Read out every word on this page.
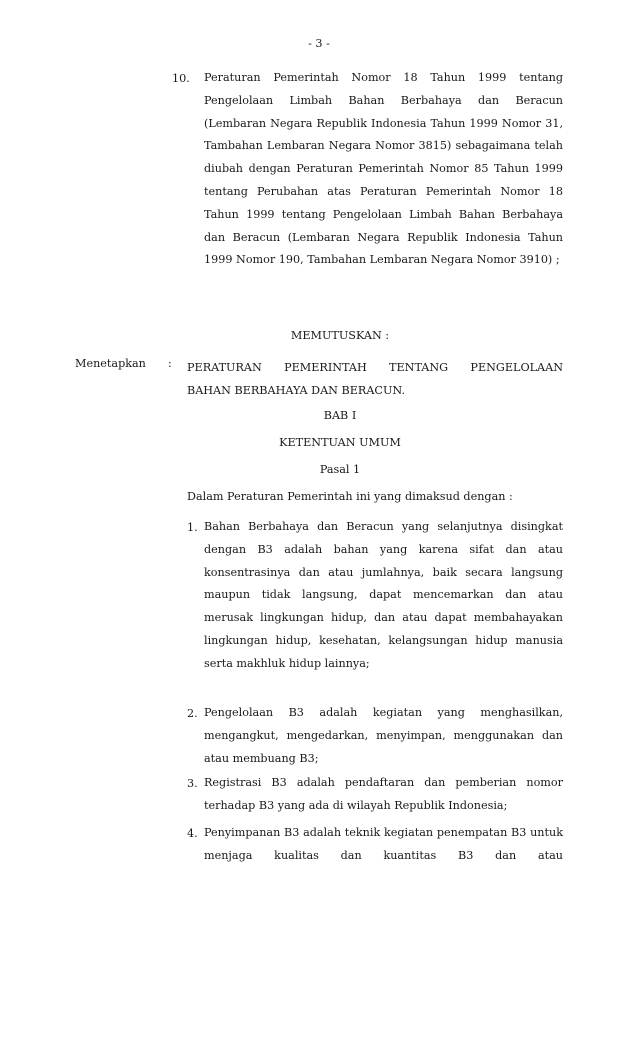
- 3 -
10. Peraturan Pemerintah Nomor 18 Tahun 1999 tentang Pengelolaan Limbah Bahan Berbahaya dan Beracun (Lembaran Negara Republik Indonesia Tahun 1999 Nomor 31, Tambahan Lembaran Negara Nomor 3815) sebagaimana telah diubah dengan Peraturan Pemerintah Nomor 85 Tahun 1999 tentang Perubahan atas Peraturan Pemerintah Nomor 18 Tahun 1999 tentang Pengelolaan Limbah Bahan Berbahaya dan Beracun (Lembaran Negara Republik Indonesia Tahun 1999 Nomor 190, Tambahan Lembaran Negara Nomor 3910) ;
MEMUTUSKAN :
Menetapkan : PERATURAN PEMERINTAH TENTANG PENGELOLAAN
BAHAN BERBAHAYA DAN BERACUN.
BAB I
KETENTUAN UMUM
Pasal 1
Dalam Peraturan Pemerintah ini yang dimaksud dengan :
1. Bahan Berbahaya dan Beracun yang selanjutnya disingkat dengan B3 adalah bahan yang karena sifat dan atau konsentrasinya dan atau jumlahnya, baik secara langsung maupun tidak langsung, dapat mencemarkan dan atau merusak lingkungan hidup, dan atau dapat membahayakan lingkungan hidup, kesehatan, kelangsungan hidup manusia serta makhluk hidup lainnya;
2. Pengelolaan B3 adalah kegiatan yang menghasilkan, mengangkut, mengedarkan, menyimpan, menggunakan dan atau membuang B3;
3. Registrasi B3 adalah pendaftaran dan pemberian nomor terhadap B3 yang ada di wilayah Republik Indonesia;
4. Penyimpanan B3 adalah teknik kegiatan penempatan B3 untuk menjaga kualitas dan kuantitas B3 dan atau
